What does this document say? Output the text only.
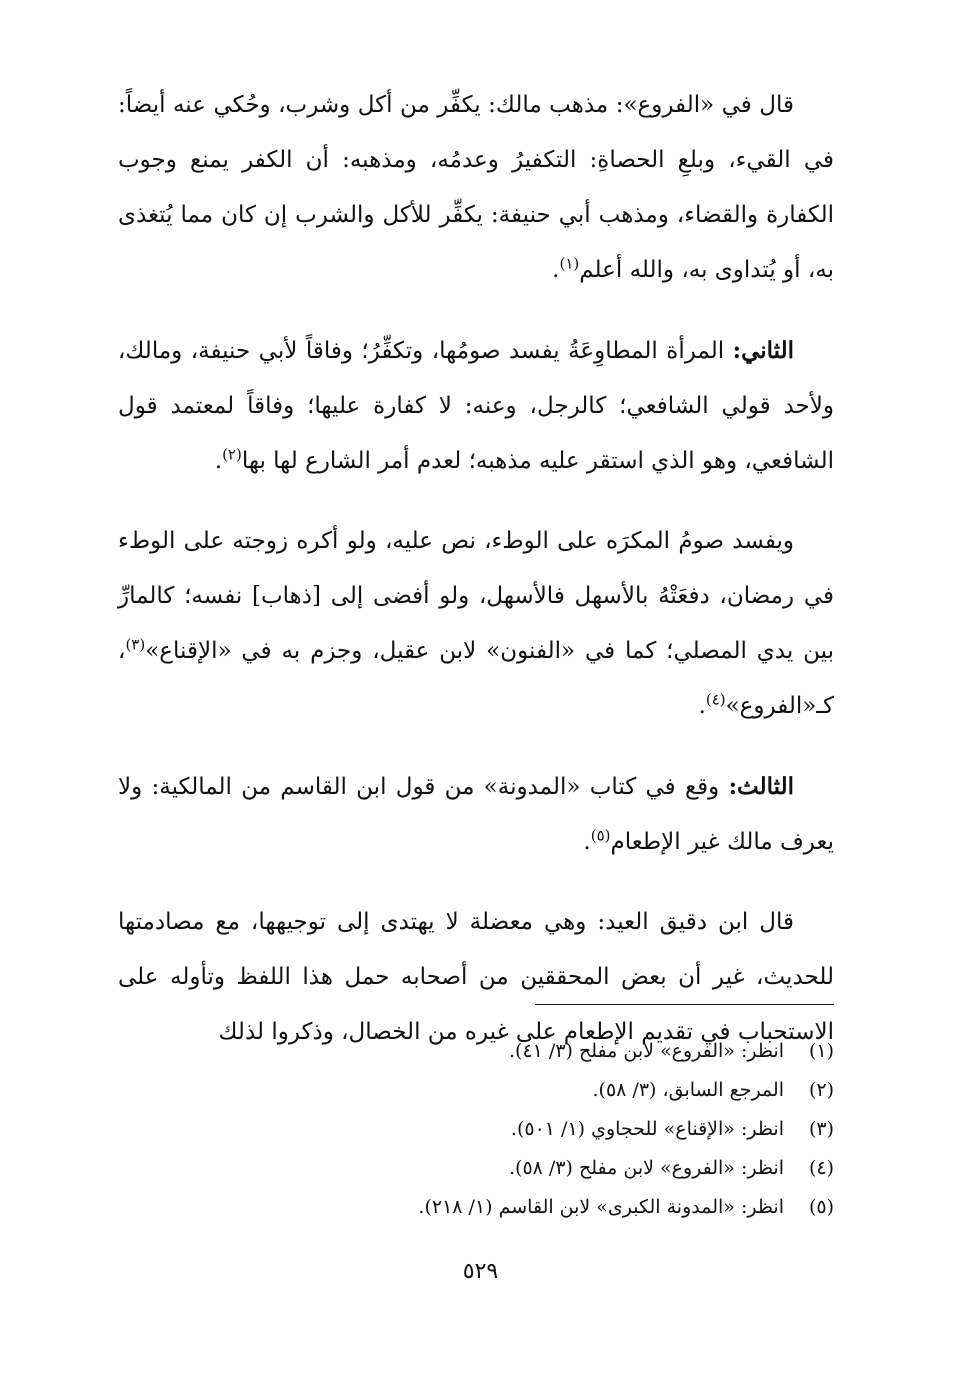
قال في «الفروع»: مذهب مالك: يكفِّر من أكل وشرب، وحُكي عنه أيضاً: في القيء، وبلعِ الحصاةِ: التكفيرُ وعدمُه، ومذهبه: أن الكفر يمنع وجوب الكفارة والقضاء، ومذهب أبي حنيفة: يكفِّر للأكل والشرب إن كان مما يُتغذى به، أو يُتداوى به، والله أعلم$^{(١)}$.

الثاني: المرأة المطاوِعَةُ يفسد صومُها، وتكفِّرُ؛ وفاقاً لأبي حنيفة، ومالك، ولأحد قولي الشافعي؛ كالرجل، وعنه: لا كفارة عليها؛ وفاقاً لمعتمد قول الشافعي، وهو الذي استقر عليه مذهبه؛ لعدم أمر الشارع لها بها$^{(٢)}$.

ويفسد صومُ المكرَه على الوطء، نص عليه، ولو أكره زوجته على الوطء في رمضان، دفعَتْهُ بالأسهل فالأسهل، ولو أفضى إلى [ذهاب] نفسه؛ كالمارِّ بين يدي المصلي؛ كما في «الفنون» لابن عقيل، وجزم به في «الإقناع»$^{(٣)}$، كـ«الفروع»$^{(٤)}$.

الثالث: وقع في كتاب «المدونة» من قول ابن القاسم من المالكية: ولا يعرف مالك غير الإطعام$^{(٥)}$.

قال ابن دقيق العيد: وهي معضلة لا يهتدى إلى توجيهها، مع مصادمتها للحديث، غير أن بعض المحققين من أصحابه حمل هذا اللفظ وتأوله على الاستحباب في تقديم الإطعام على غيره من الخصال، وذكروا لذلك

(١)
انظر: «الفروع» لابن مفلح (٣/ ٤١).
(٢)
المرجع السابق، (٣/ ٥٨).
(٣)
انظر: «الإقناع» للحجاوي (١/ ٥٠١).
(٤)
انظر: «الفروع» لابن مفلح (٣/ ٥٨).
(٥)
انظر: «المدونة الكبرى» لابن القاسم (١/ ٢١٨).
٥٢٩
